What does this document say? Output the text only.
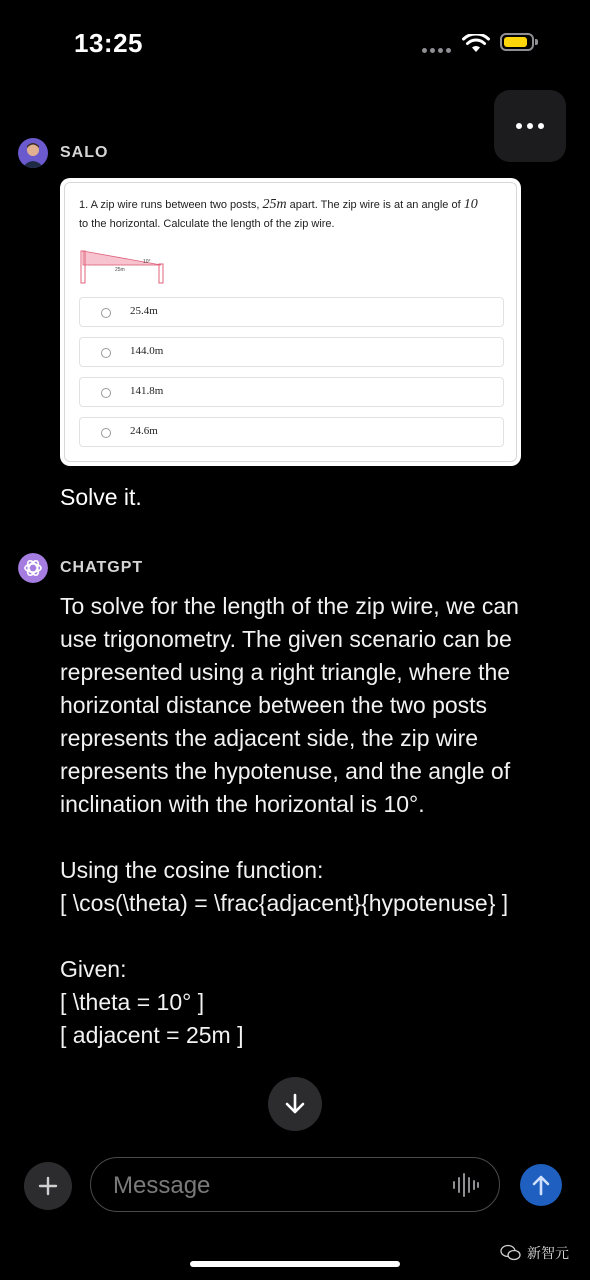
13:25
SALO
1. A zip wire runs between two posts, 25m apart. The zip wire is at an angle of 10
to the horizontal. Calculate the length of the zip wire.
25m
10°
25.4m
144.0m
141.8m
24.6m
Solve it.
CHATGPT

To solve for the length of the zip wire, we can use trigonometry. The given scenario can be represented using a right triangle, where the horizontal distance between the two posts represents the adjacent side, the zip wire represents the hypotenuse, and the angle of inclination with the horizontal is 10°.

Using the cosine function:

[ \cos(\theta) = \frac{adjacent}{hypotenuse} ]

Given:

[ \theta = 10° ]

[ adjacent = 25m ]

Message
新智元
